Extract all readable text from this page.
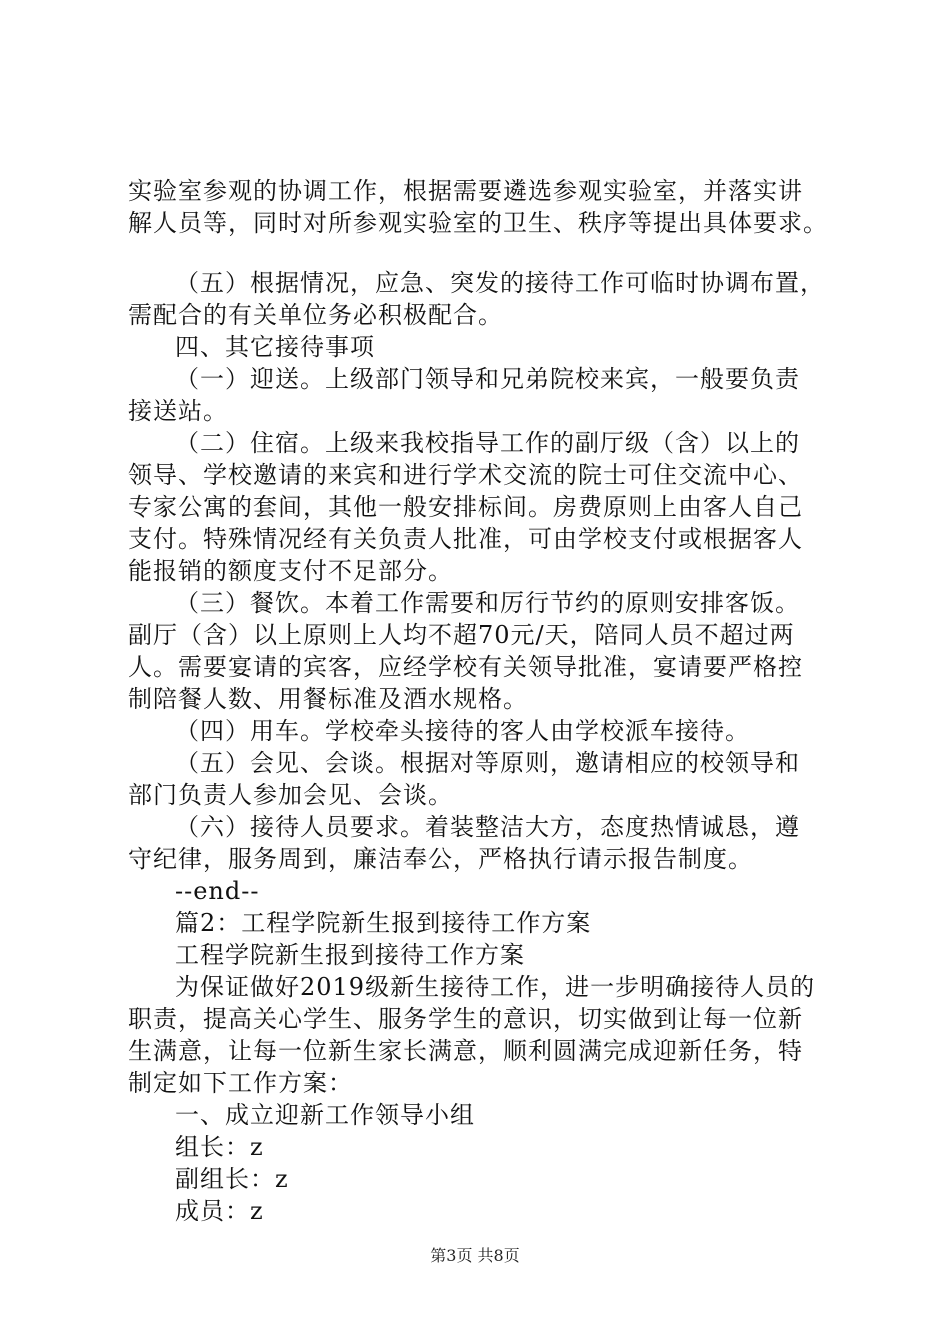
实验室参观的协调工作，根据需要遴选参观实验室，并落实讲
解人员等，同时对所参观实验室的卫生、秩序等提出具体要求。
（五）根据情况，应急、突发的接待工作可临时协调布置，
需配合的有关单位务必积极配合。
四、其它接待事项
（一）迎送。上级部门领导和兄弟院校来宾，一般要负责
接送站。
（二）住宿。上级来我校指导工作的副厅级（含）以上的
领导、学校邀请的来宾和进行学术交流的院士可住交流中心、
专家公寓的套间，其他一般安排标间。房费原则上由客人自己
支付。特殊情况经有关负责人批准，可由学校支付或根据客人
能报销的额度支付不足部分。
（三）餐饮。本着工作需要和厉行节约的原则安排客饭。
副厅（含）以上原则上人均不超70元/天，陪同人员不超过两
人。需要宴请的宾客，应经学校有关领导批准，宴请要严格控
制陪餐人数、用餐标准及酒水规格。
（四）用车。学校牵头接待的客人由学校派车接待。
（五）会见、会谈。根据对等原则，邀请相应的校领导和
部门负责人参加会见、会谈。
（六）接待人员要求。着装整洁大方，态度热情诚恳，遵
守纪律，服务周到，廉洁奉公，严格执行请示报告制度。
--end--
篇2：工程学院新生报到接待工作方案
工程学院新生报到接待工作方案
为保证做好2019级新生接待工作，进一步明确接待人员的
职责，提高关心学生、服务学生的意识，切实做到让每一位新
生满意，让每一位新生家长满意，顺利圆满完成迎新任务，特
制定如下工作方案：
一、成立迎新工作领导小组
组长：z
副组长：z
成员：z
第3页 共8页
